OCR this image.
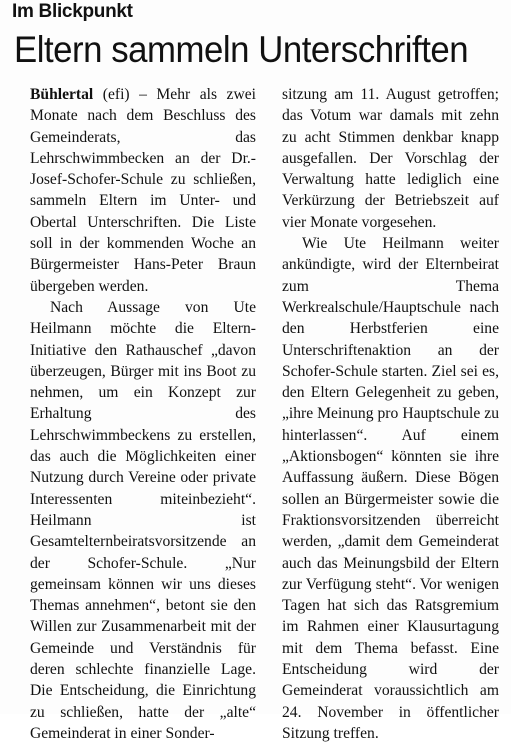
Im Blickpunkt
Eltern sammeln Unterschriften

Bühlertal (efi) – Mehr als zwei Monate nach dem Beschluss des Gemeinderats, das Lehrschwimmbecken an der Dr.-Josef-Schofer-Schule zu schließen, sammeln Eltern im Unter- und Obertal Unterschriften. Die Liste soll in der kommenden Woche an Bürgermeister Hans-Peter Braun übergeben werden.

Nach Aussage von Ute Heilmann möchte die Eltern-Initiative den Rathauschef „davon überzeugen, Bürger mit ins Boot zu nehmen, um ein Konzept zur Erhaltung des Lehrschwimmbeckens zu erstellen, das auch die Möglichkeiten einer Nutzung durch Vereine oder private Interessenten miteinbezieht“. Heilmann ist Gesamtelternbeiratsvorsitzende an der Schofer-Schule. „Nur gemeinsam können wir uns dieses Themas annehmen“, betont sie den Willen zur Zusammenarbeit mit der Gemeinde und Verständnis für deren schlechte finanzielle Lage. Die Entscheidung, die Einrichtung zu schließen, hatte der „alte“ Gemeinderat in einer Sonder-

sitzung am 11. August getroffen; das Votum war damals mit zehn zu acht Stimmen denkbar knapp ausgefallen. Der Vorschlag der Verwaltung hatte lediglich eine Verkürzung der Betriebszeit auf vier Monate vorgesehen.

Wie Ute Heilmann weiter ankündigte, wird der Elternbeirat zum Thema Werkrealschule/Hauptschule nach den Herbstferien eine Unterschriftenaktion an der Schofer-Schule starten. Ziel sei es, den Eltern Gelegenheit zu geben, „ihre Meinung pro Hauptschule zu hinterlassen“. Auf einem „Aktionsbogen“ könnten sie ihre Auffassung äußern. Diese Bögen sollen an Bürgermeister sowie die Fraktionsvorsitzenden überreicht werden, „damit dem Gemeinderat auch das Meinungsbild der Eltern zur Verfügung steht“. Vor wenigen Tagen hat sich das Ratsgremium im Rahmen einer Klausurtagung mit dem Thema befasst. Eine Entscheidung wird der Gemeinderat voraussichtlich am 24. November in öffentlicher Sitzung treffen.
